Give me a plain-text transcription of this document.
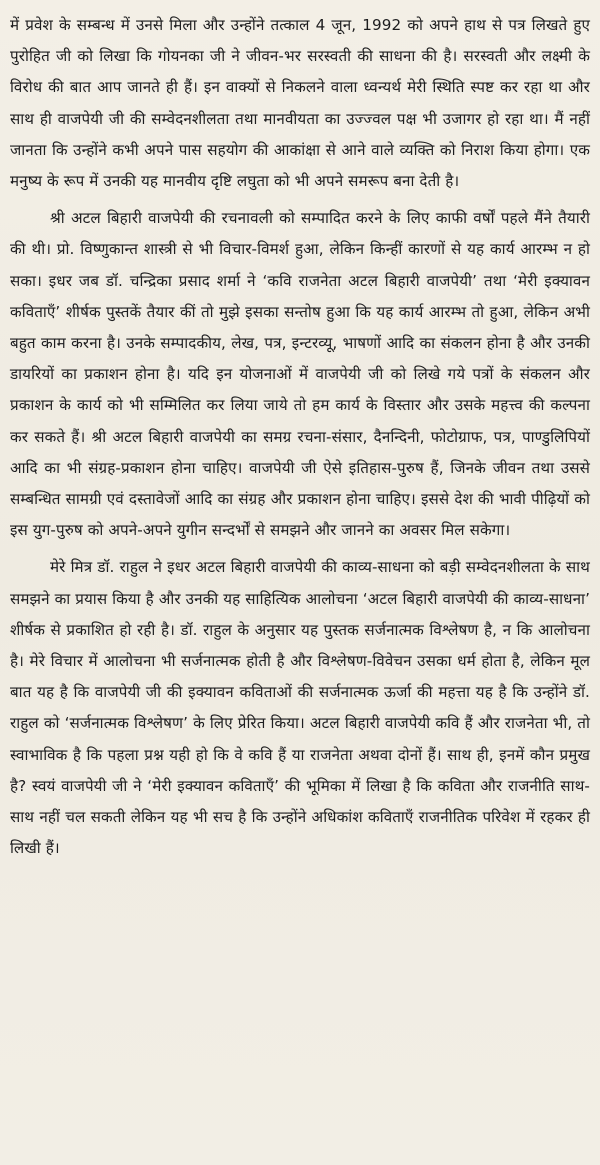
में प्रवेश के सम्बन्ध में उनसे मिला और उन्होंने तत्काल 4 जून, 1992 को अपने हाथ से पत्र लिखते हुए पुरोहित जी को लिखा कि गोयनका जी ने जीवन-भर सरस्वती की साधना की है। सरस्वती और लक्ष्मी के विरोध की बात आप जानते ही हैं। इन वाक्यों से निकलने वाला ध्वन्यर्थ मेरी स्थिति स्पष्ट कर रहा था और साथ ही वाजपेयी जी की सम्वेदनशीलता तथा मानवीयता का उज्ज्वल पक्ष भी उजागर हो रहा था। मैं नहीं जानता कि उन्होंने कभी अपने पास सहयोग की आकांक्षा से आने वाले व्यक्ति को निराश किया होगा। एक मनुष्य के रूप में उनकी यह मानवीय दृष्टि लघुता को भी अपने समरूप बना देती है।

श्री अटल बिहारी वाजपेयी की रचनावली को सम्पादित करने के लिए काफी वर्षों पहले मैंने तैयारी की थी। प्रो. विष्णुकान्त शास्त्री से भी विचार-विमर्श हुआ, लेकिन किन्हीं कारणों से यह कार्य आरम्भ न हो सका। इधर जब डॉ. चन्द्रिका प्रसाद शर्मा ने ‘कवि राजनेता अटल बिहारी वाजपेयी’ तथा ‘मेरी इक्यावन कविताएँ’ शीर्षक पुस्तकें तैयार कीं तो मुझे इसका सन्तोष हुआ कि यह कार्य आरम्भ तो हुआ, लेकिन अभी बहुत काम करना है। उनके सम्पादकीय, लेख, पत्र, इन्टरव्यू, भाषणों आदि का संकलन होना है और उनकी डायरियों का प्रकाशन होना है। यदि इन योजनाओं में वाजपेयी जी को लिखे गये पत्रों के संकलन और प्रकाशन के कार्य को भी सम्मिलित कर लिया जाये तो हम कार्य के विस्तार और उसके महत्त्व की कल्पना कर सकते हैं। श्री अटल बिहारी वाजपेयी का समग्र रचना-संसार, दैनन्दिनी, फोटोग्राफ, पत्र, पाण्डुलिपियों आदि का भी संग्रह-प्रकाशन होना चाहिए। वाजपेयी जी ऐसे इतिहास-पुरुष हैं, जिनके जीवन तथा उससे सम्बन्धित सामग्री एवं दस्तावेजों आदि का संग्रह और प्रकाशन होना चाहिए। इससे देश की भावी पीढ़ियों को इस युग-पुरुष को अपने-अपने युगीन सन्दर्भों से समझने और जानने का अवसर मिल सकेगा।

मेरे मित्र डॉ. राहुल ने इधर अटल बिहारी वाजपेयी की काव्य-साधना को बड़ी सम्वेदनशीलता के साथ समझने का प्रयास किया है और उनकी यह साहित्यिक आलोचना ‘अटल बिहारी वाजपेयी की काव्य-साधना’ शीर्षक से प्रकाशित हो रही है। डॉ. राहुल के अनुसार यह पुस्तक सर्जनात्मक विश्लेषण है, न कि आलोचना है। मेरे विचार में आलोचना भी सर्जनात्मक होती है और विश्लेषण-विवेचन उसका धर्म होता है, लेकिन मूल बात यह है कि वाजपेयी जी की इक्यावन कविताओं की सर्जनात्मक ऊर्जा की महत्ता यह है कि उन्होंने डॉ. राहुल को ‘सर्जनात्मक विश्लेषण’ के लिए प्रेरित किया। अटल बिहारी वाजपेयी कवि हैं और राजनेता भी, तो स्वाभाविक है कि पहला प्रश्न यही हो कि वे कवि हैं या राजनेता अथवा दोनों हैं। साथ ही, इनमें कौन प्रमुख है? स्वयं वाजपेयी जी ने ‘मेरी इक्यावन कविताएँ’ की भूमिका में लिखा है कि कविता और राजनीति साथ-साथ नहीं चल सकती लेकिन यह भी सच है कि उन्होंने अधिकांश कविताएँ राजनीतिक परिवेश में रहकर ही लिखी हैं।
